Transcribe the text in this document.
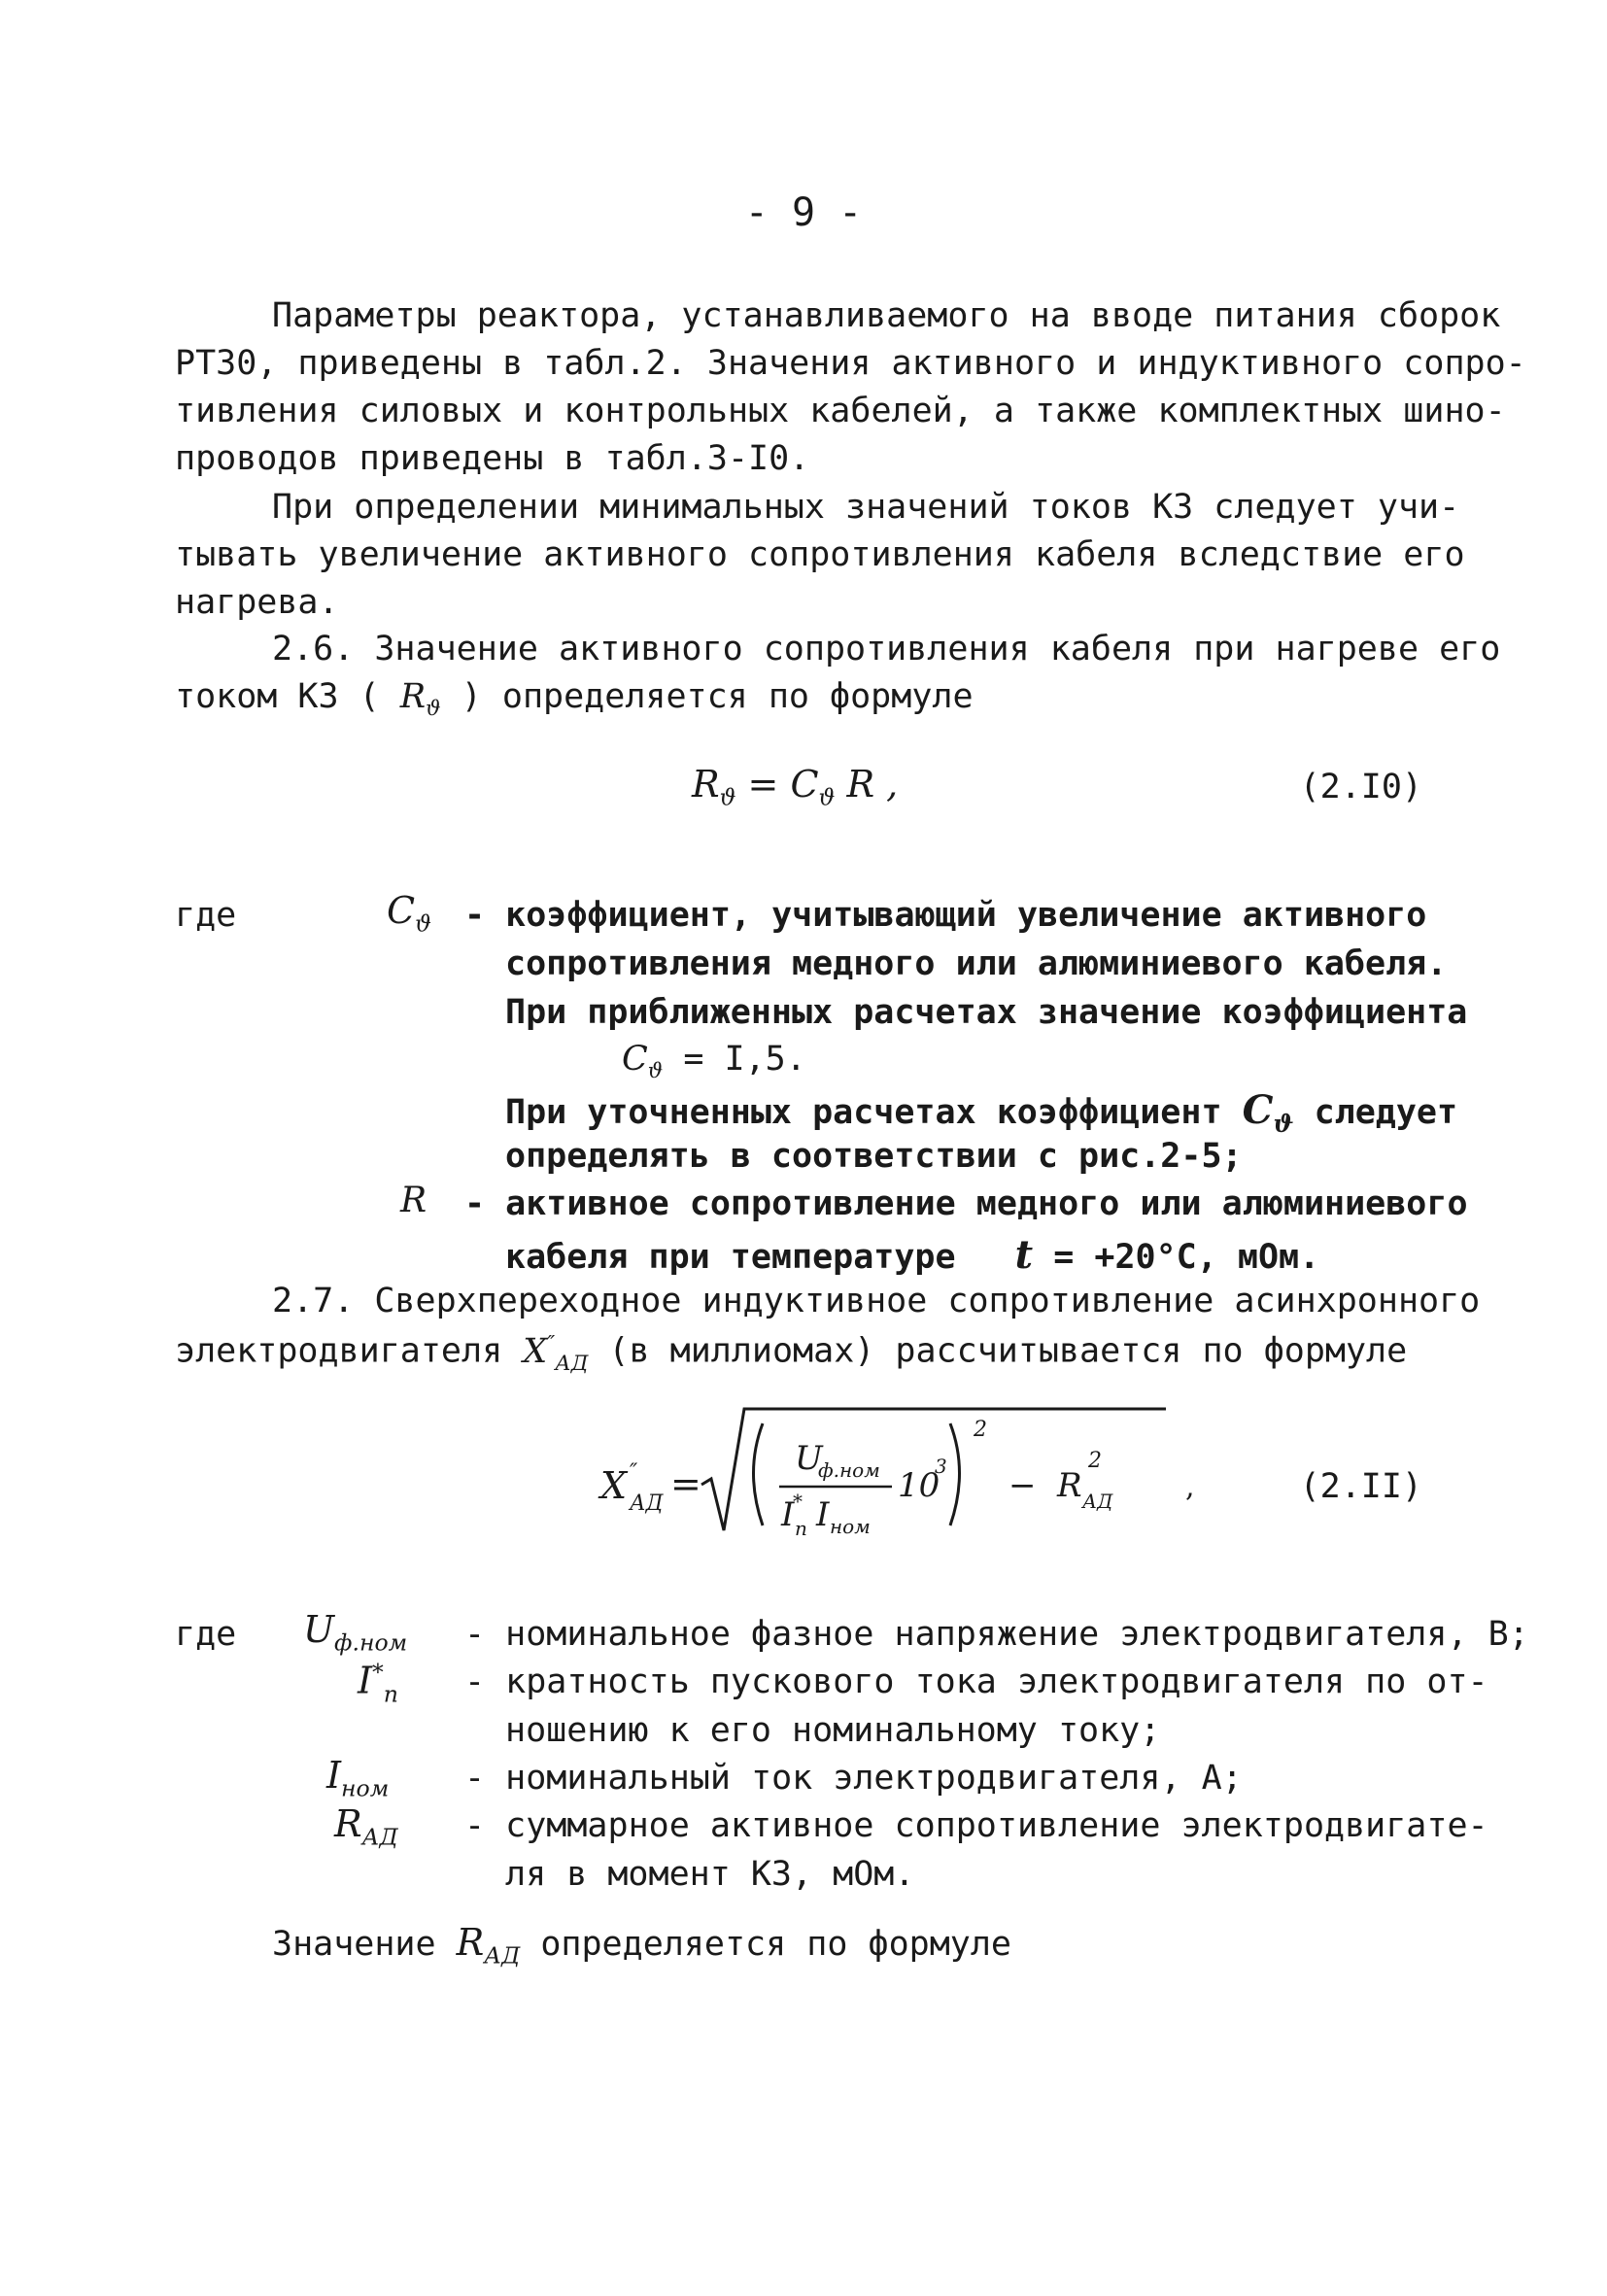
- 9 -
Параметры реактора, устанавливаемого на вводе питания сборок
РТЗ0, приведены в табл.2. Значения активного и индуктивного сопро-
тивления силовых и контрольных кабелей, а также комплектных шино-
проводов приведены в табл.3-I0.
При определении минимальных значений токов КЗ следует учи-
тывать увеличение активного сопротивления кабеля вследствие его
нагрева.
2.6. Значение активного сопротивления кабеля при нагреве его
током КЗ ( $R_ϑ$ ) определяется по формуле
$R_ϑ = C_ϑ$ R ,	(2.I0)
где	$C_ϑ$ - коэффициент, учитывающий увеличение активного
сопротивления медного или алюминиевого кабеля.
При приближенных расчетах значение коэффициента
$C_ϑ = I,5$.
При уточненных расчетах коэффициент $C_ϑ$ следует
определять в соответствии с рис.2-5;
R - активное сопротивление медного или алюминиевого
кабеля при температуре t = +20°С, мОм.
2.7. Сверхпереходное индуктивное сопротивление асинхронного
электродвигателя $X''_{АД}$ (в миллиомах) рассчитывается по формуле
X ″
АД =
U
ф.ном
I
*
п I ном
10
3
2
− R
2
АД ,	(2.II)
где $U_{ф.ном}$ - номинальное фазное напряжение электродвигателя, В;
$I^*_п$ - кратность пускового тока электродвигателя по от-
ношению к его номинальному току;
$I_{ном}$ - номинальный ток электродвигателя, А;
$R_{АД}$ - суммарное активное сопротивление электродвигате-
ля в момент КЗ, мОм.
Значение $R_{АД}$ определяется по формуле
